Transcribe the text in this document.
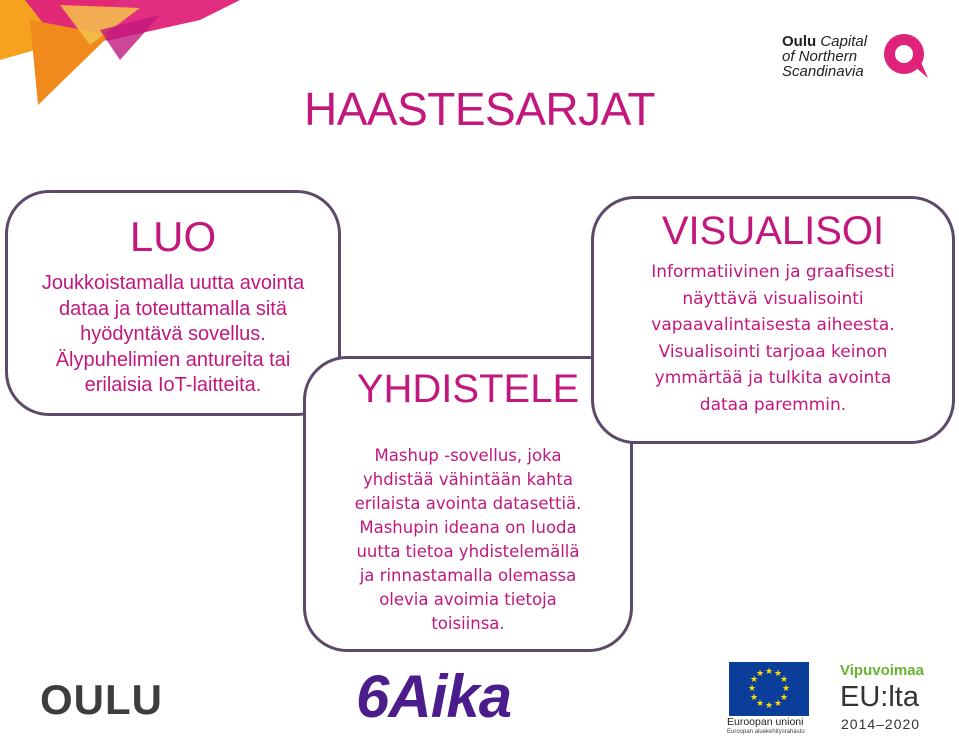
Oulu Capital
of Northern
Scandinavia
HAASTESARJAT
LUO
Joukkoistamalla uutta avointa
dataa ja toteuttamalla sitä
hyödyntävä sovellus.
Älypuhelimien antureita tai
erilaisia IoT-laitteita.	YHDISTELE
Mashup -sovellus, joka
yhdistää vähintään kahta
erilaista avointa datasettiä.
Mashupin ideana on luoda
uutta tietoa yhdistelemällä
ja rinnastamalla olemassa
olevia avoimia tietoja
toisiinsa.
VISUALISOI
Informatiivinen ja graafisesti
näyttävä visualisointi
vapaavalintaisesta aiheesta.
Visualisointi tarjoaa keinon
ymmärtää ja tulkita avointa
dataa paremmin.
OULU	6Aika	★ ★
★
★
★
★
★
★
★
★
★
★
Euroopan unioni
Euroopan aluekehitysrahasto
Vipuvoimaa
EU:lta
2014–2020
